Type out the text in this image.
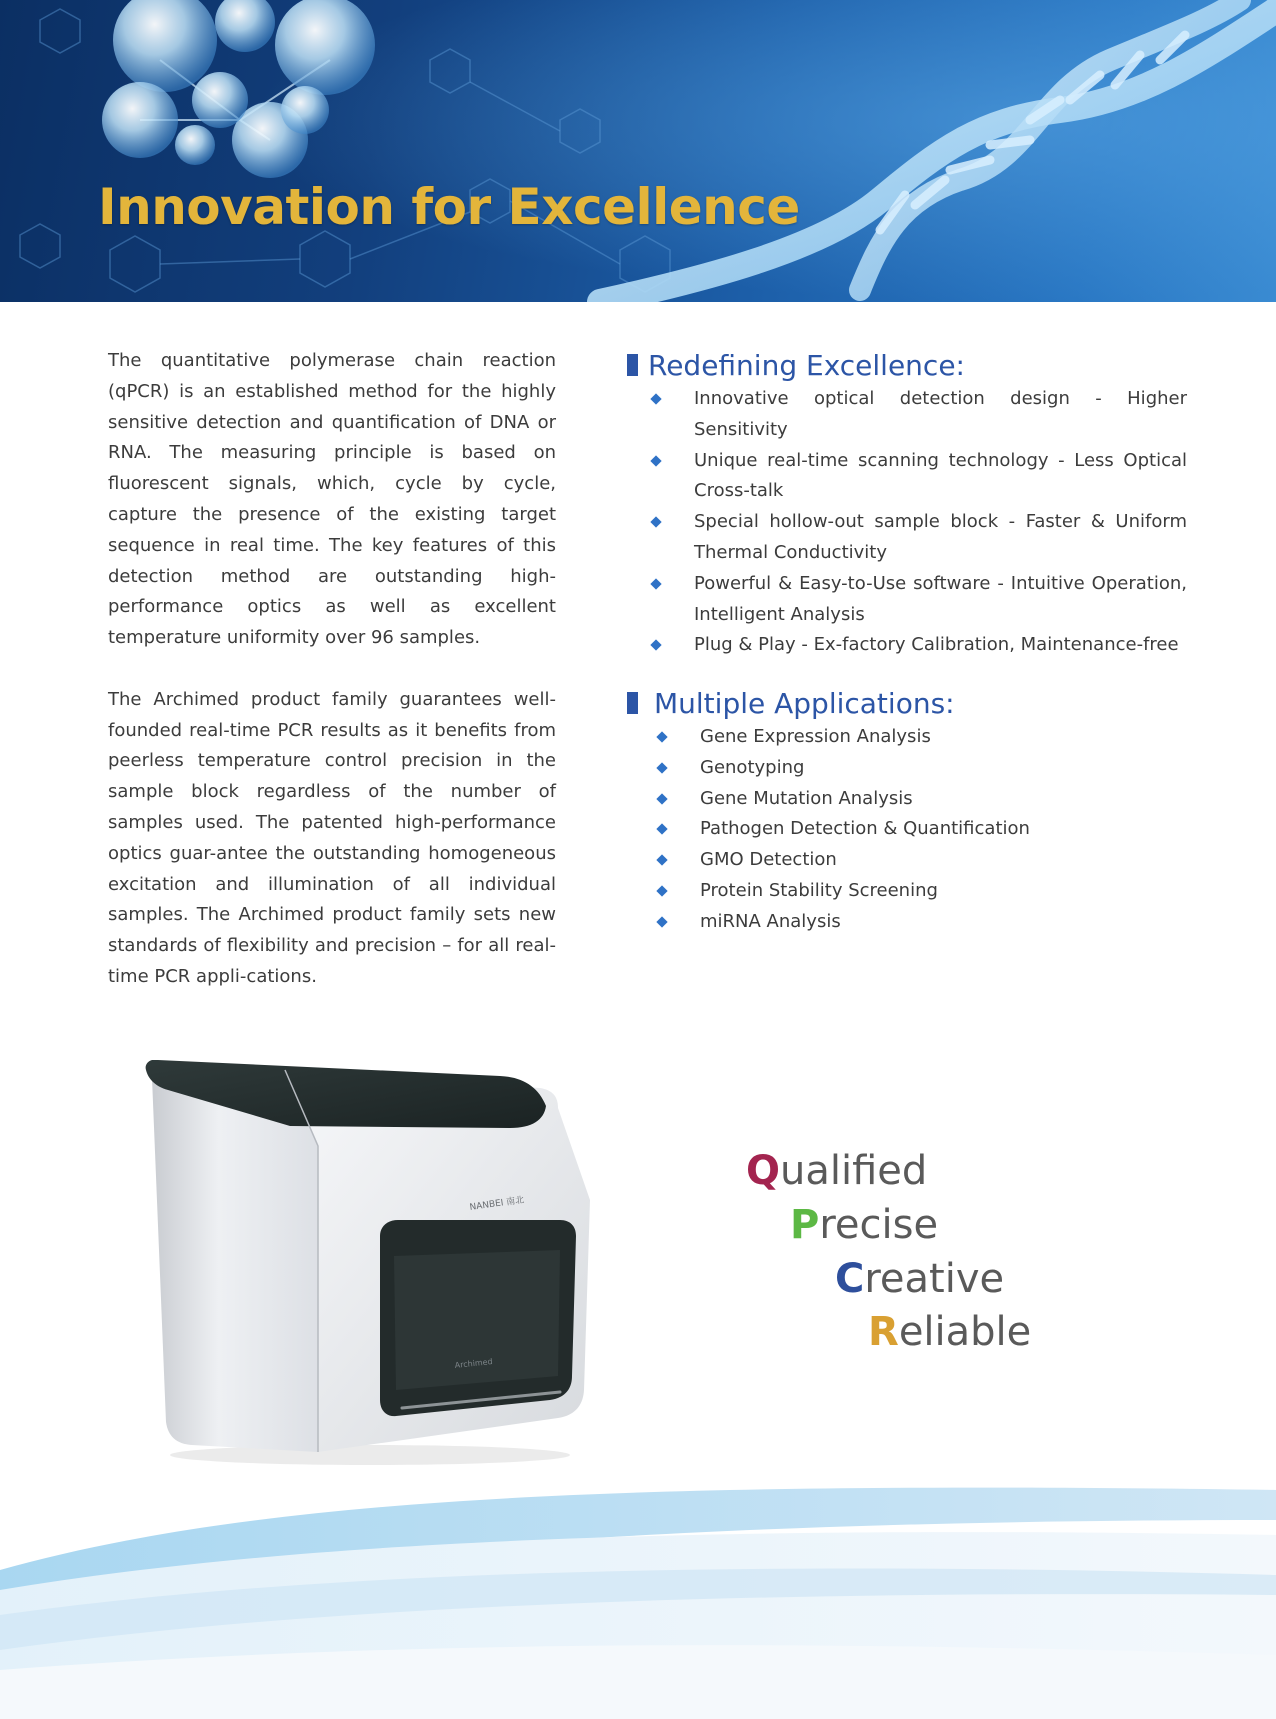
Innovation for Excellence

The quantitative polymerase chain reaction (qPCR) is an established method for the highly sensitive detection and quantification of DNA or RNA. The measuring principle is based on fluorescent signals, which, cycle by cycle, capture the presence of the existing target sequence in real time. The key features of this detection method are outstanding high-performance optics as well as excellent temperature uniformity over 96 samples.

The Archimed product family guarantees well-founded real-time PCR results as it benefits from peerless temperature control precision in the sample block regardless of the number of samples used. The patented high-performance optics guar-antee the outstanding homogeneous excitation and illumination of all individual samples. The Archimed product family sets new standards of flexibility and precision – for all real-time PCR appli-cations.

Redefining Excellence:
Innovative optical detection design - Higher Sensitivity
Unique real-time scanning technology - Less Optical Cross-talk
Special hollow-out sample block - Faster & Uniform Thermal Conductivity
Powerful & Easy-to-Use software - Intuitive Operation, Intelligent Analysis
Plug & Play - Ex-factory Calibration, Maintenance-free
Multiple Applications:
Gene Expression Analysis
Genotyping
Gene Mutation Analysis
Pathogen Detection & Quantification
GMO Detection
Protein Stability Screening
miRNA Analysis
NANBEI 南北
Archimed
Qualified
Precise
Creative
Reliable
